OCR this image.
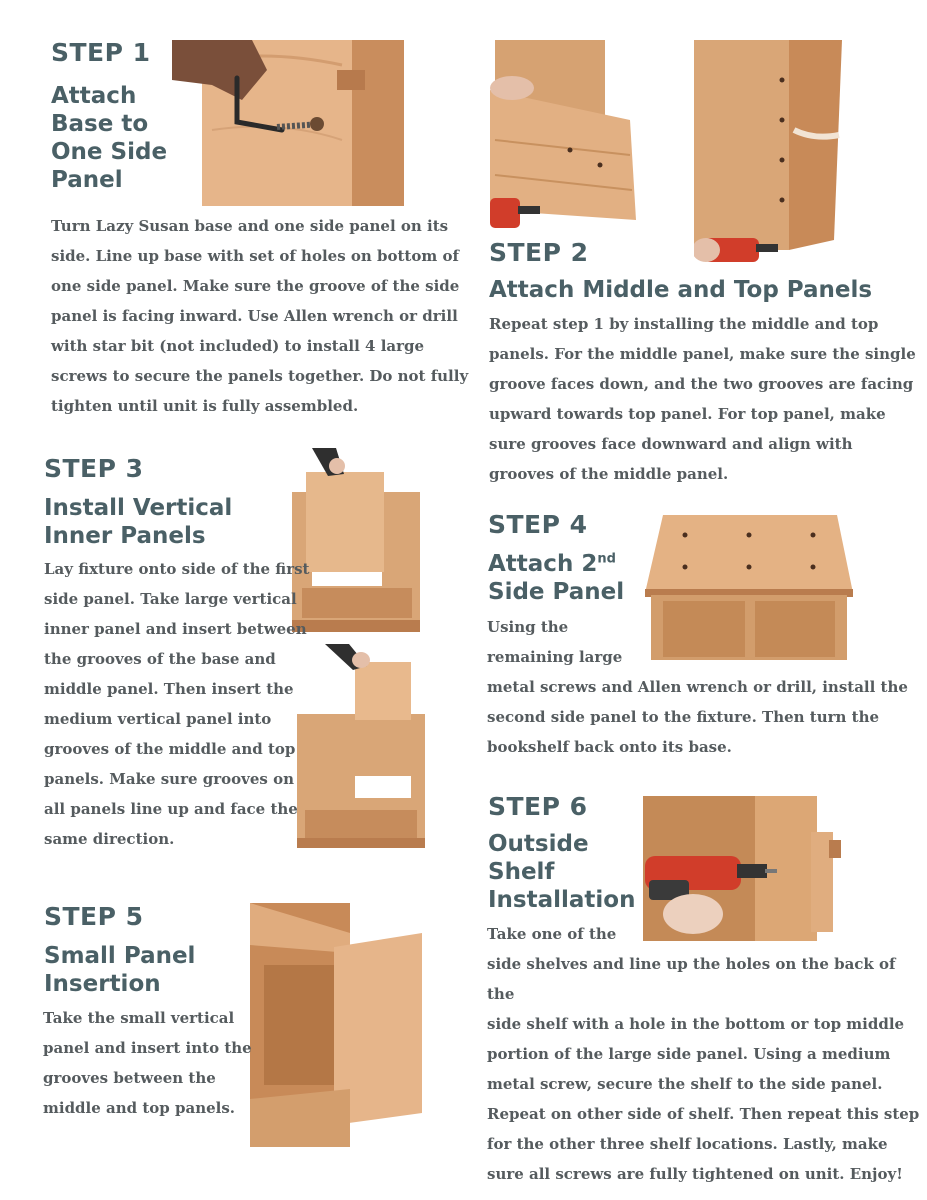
STEP 1
Attach
Base to
One Side
Panel

Turn Lazy Susan base and one side panel on its
side. Line up base with set of holes on bottom of
one side panel. Make sure the groove of the side
panel is facing inward. Use Allen wrench or drill
with star bit (not included) to install 4 large
screws to secure the panels together. Do not fully
tighten until unit is fully assembled.

STEP 2
Attach Middle and Top Panels

Repeat step 1 by installing the middle and top
panels. For the middle panel, make sure the single
groove faces down, and the two grooves are facing
upward towards top panel. For top panel, make
sure grooves face downward and align with
grooves of the middle panel.

STEP 3
Install Vertical
Inner Panels

Lay fixture onto side of the first
side panel. Take large vertical
inner panel and insert between
the grooves of the base and
middle panel. Then insert the
medium vertical panel into
grooves of the middle and top
panels. Make sure grooves on
all panels line up and face the
same direction.

STEP 4
Attach 2nd
Side Panel

Using the
remaining large

metal screws and Allen wrench or drill, install the
second side panel to the fixture. Then turn the
bookshelf back onto its base.

STEP 5
Small Panel
Insertion

Take the small vertical
panel and insert into the
grooves between the
middle and top panels.

STEP 6
Outside
Shelf
Installation

Take one of the

side shelves and line up the holes on the back of the
side shelf with a hole in the bottom or top middle
portion of the large side panel. Using a medium
metal screw, secure the shelf to the side panel.
Repeat on other side of shelf. Then repeat this step
for the other three shelf locations. Lastly, make
sure all screws are fully tightened on unit. Enjoy!
